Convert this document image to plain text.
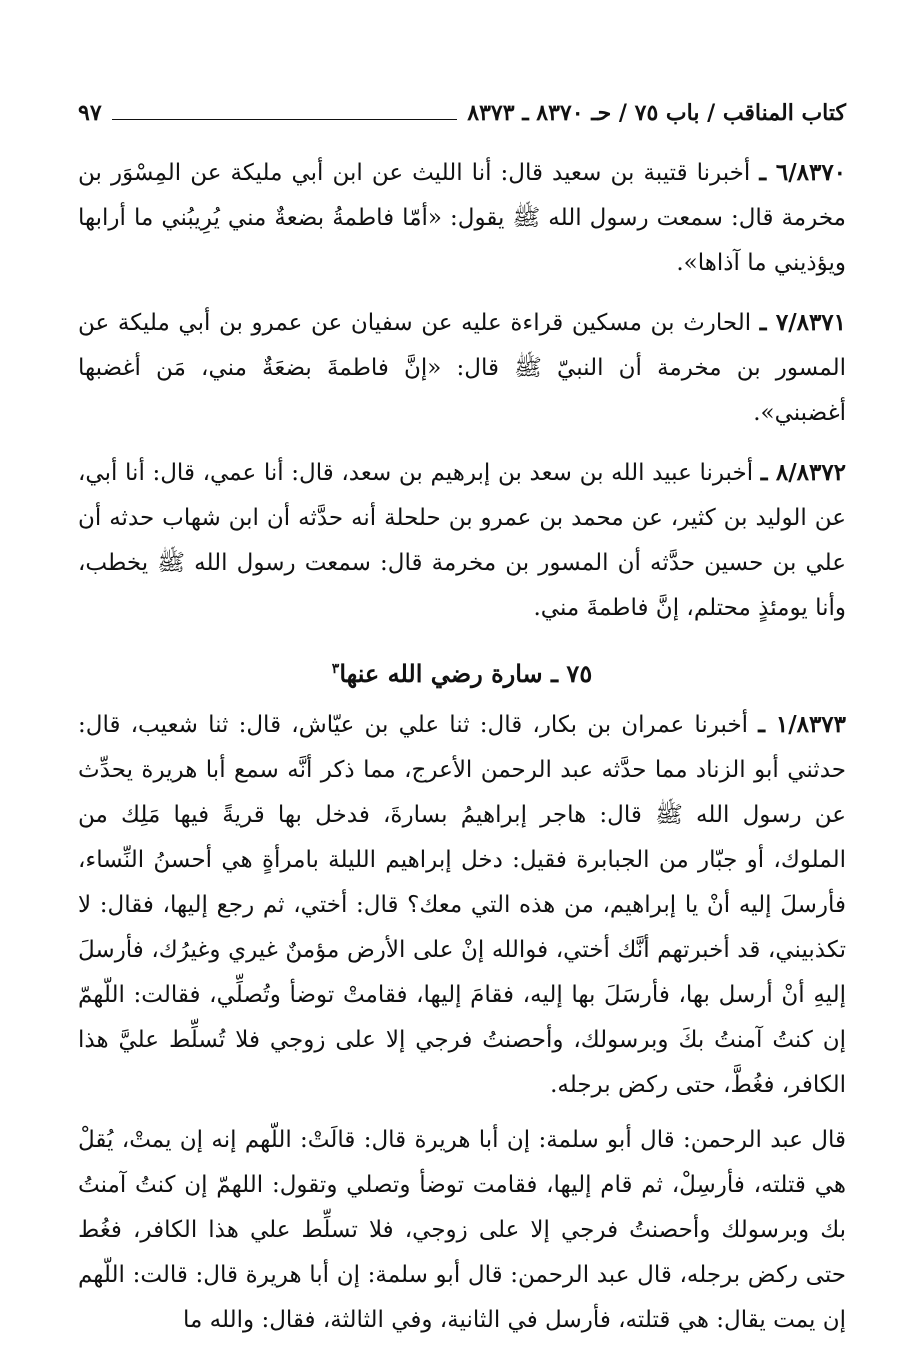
كتاب المناقب / باب ٧٥ / حـ ٨٣٧٠ ـ ٨٣٧٣
٩٧

٦/٨٣٧٠ ـ أخبرنا قتيبة بن سعيد قال: أنا الليث عن ابن أبي مليكة عن المِسْوَر بن مخرمة قال: سمعت رسول الله ﷺ يقول: «أمّا فاطمةُ بضعةٌ مني يُرِيبُني ما أرابها ويؤذيني ما آذاها».

٧/٨٣٧١ ـ الحارث بن مسكين قراءة عليه عن سفيان عن عمرو بن أبي مليكة عن المسور بن مخرمة أن النبيّ ﷺ قال: «إنَّ فاطمةَ بضعَةٌ مني، مَن أغضبها أغضبني».

٨/٨٣٧٢ ـ أخبرنا عبيد الله بن سعد بن إبرهيم بن سعد، قال: أنا عمي، قال: أنا أبي، عن الوليد بن كثير، عن محمد بن عمرو بن حلحلة أنه حدَّثه أن ابن شهاب حدثه أن علي بن حسين حدَّثه أن المسور بن مخرمة قال: سمعت رسول الله ﷺ يخطب، وأنا يومئذٍ محتلم، إنَّ فاطمةَ مني.

٧٥ ـ سارة رضي الله عنها$^٣$

١/٨٣٧٣ ـ أخبرنا عمران بن بكار، قال: ثنا علي بن عيّاش، قال: ثنا شعيب، قال: حدثني أبو الزناد مما حدَّثه عبد الرحمن الأعرج، مما ذكر أنَّه سمع أبا هريرة يحدِّث عن رسول الله ﷺ قال: هاجر إبراهيمُ بسارةَ، فدخل بها قريةً فيها مَلِك من الملوك، أو جبّار من الجبابرة فقيل: دخل إبراهيم الليلة بامرأةٍ هي أحسنُ النِّساء، فأرسلَ إليه أنْ يا إبراهيم، من هذه التي معك؟ قال: أختي، ثم رجع إليها، فقال: لا تكذبيني، قد أخبرتهم أنَّك أختي، فوالله إنْ على الأرض مؤمنٌ غيري وغيرُك، فأرسلَ إليهِ أنْ أرسل بها، فأرسَلَ بها إليه، فقامَ إليها، فقامتْ توضأ وتُصلِّي، فقالت: اللّهمّ إن كنتُ آمنتُ بكَ وبرسولك، وأحصنتُ فرجي إلا على زوجي فلا تُسلِّط عليَّ هذا الكافر، فغُطَّ، حتى ركض برجله.

قال عبد الرحمن: قال أبو سلمة: إن أبا هريرة قال: قالَتْ: اللّهم إنه إن يمتْ، يُقلْ هي قتلته، فأرسِلْ، ثم قام إليها، فقامت توضأ وتصلي وتقول: اللهمّ إن كنتُ آمنتُ بك وبرسولك وأحصنتُ فرجي إلا على زوجي، فلا تسلِّط علي هذا الكافر، فغُط حتى ركض برجله، قال عبد الرحمن: قال أبو سلمة: إن أبا هريرة قال: قالت: اللّهم إن يمت يقال: هي قتلته، فأرسل في الثانية، وفي الثالثة، فقال: والله ما
